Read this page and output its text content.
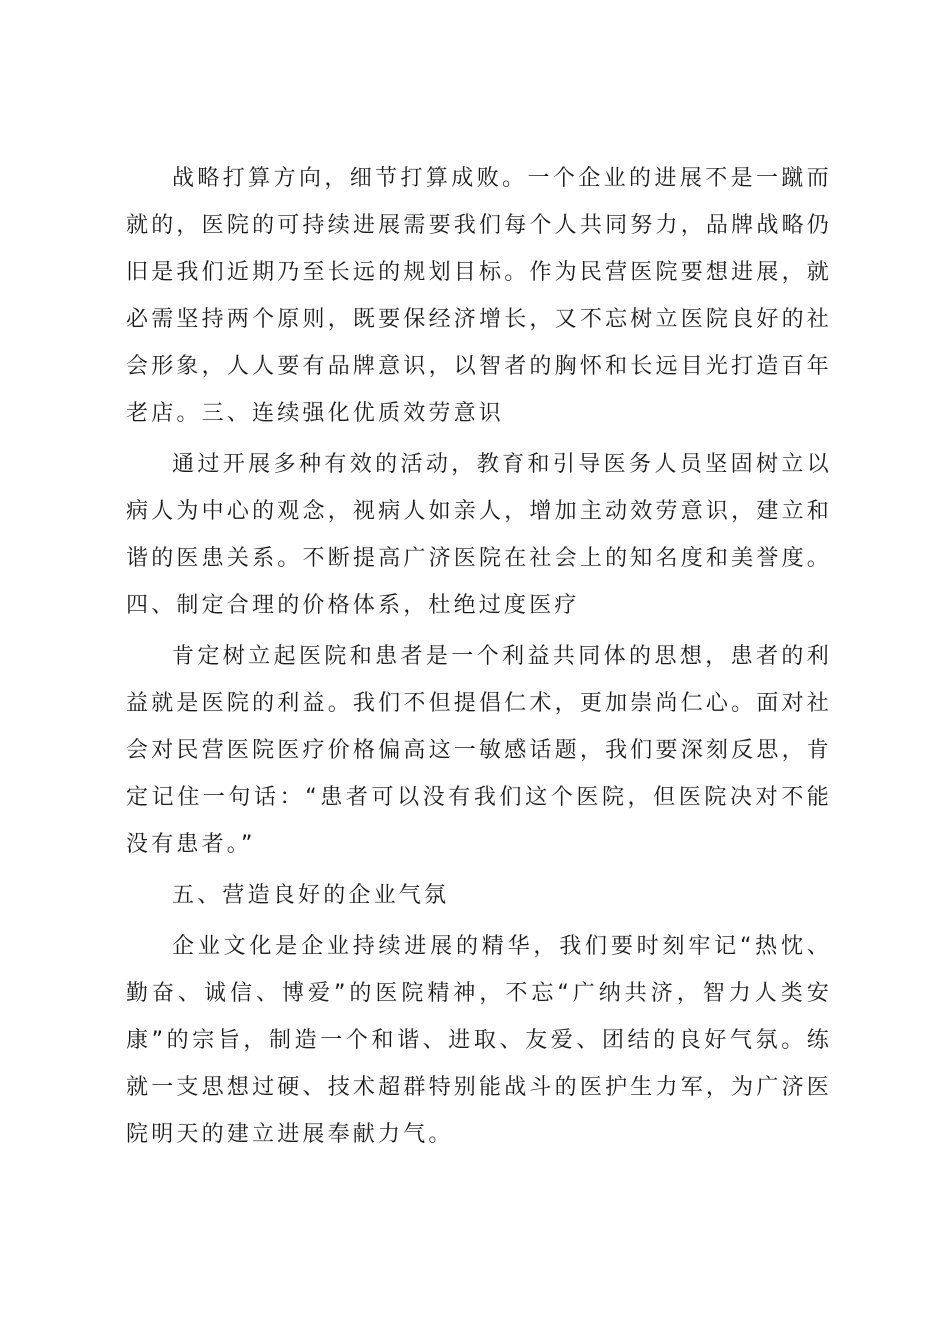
战略打算方向，细节打算成败。一个企业的进展不是一蹴而就的，医院的可持续进展需要我们每个人共同努力，品牌战略仍旧是我们近期乃至长远的规划目标。作为民营医院要想进展，就必需坚持两个原则，既要保经济增长，又不忘树立医院良好的社会形象，人人要有品牌意识，以智者的胸怀和长远目光打造百年老店。三、连续强化优质效劳意识

通过开展多种有效的活动，教育和引导医务人员坚固树立以病人为中心的观念，视病人如亲人，增加主动效劳意识，建立和谐的医患关系。不断提高广济医院在社会上的知名度和美誉度。四、制定合理的价格体系，杜绝过度医疗

肯定树立起医院和患者是一个利益共同体的思想，患者的利益就是医院的利益。我们不但提倡仁术，更加崇尚仁心。面对社会对民营医院医疗价格偏高这一敏感话题，我们要深刻反思，肯定记住一句话：“患者可以没有我们这个医院，但医院决对不能没有患者。”

五、营造良好的企业气氛

企业文化是企业持续进展的精华，我们要时刻牢记“热忱、勤奋、诚信、博爱”的医院精神，不忘“广纳共济，智力人类安康”的宗旨，制造一个和谐、进取、友爱、团结的良好气氛。练就一支思想过硬、技术超群特别能战斗的医护生力军，为广济医院明天的建立进展奉献力气。
